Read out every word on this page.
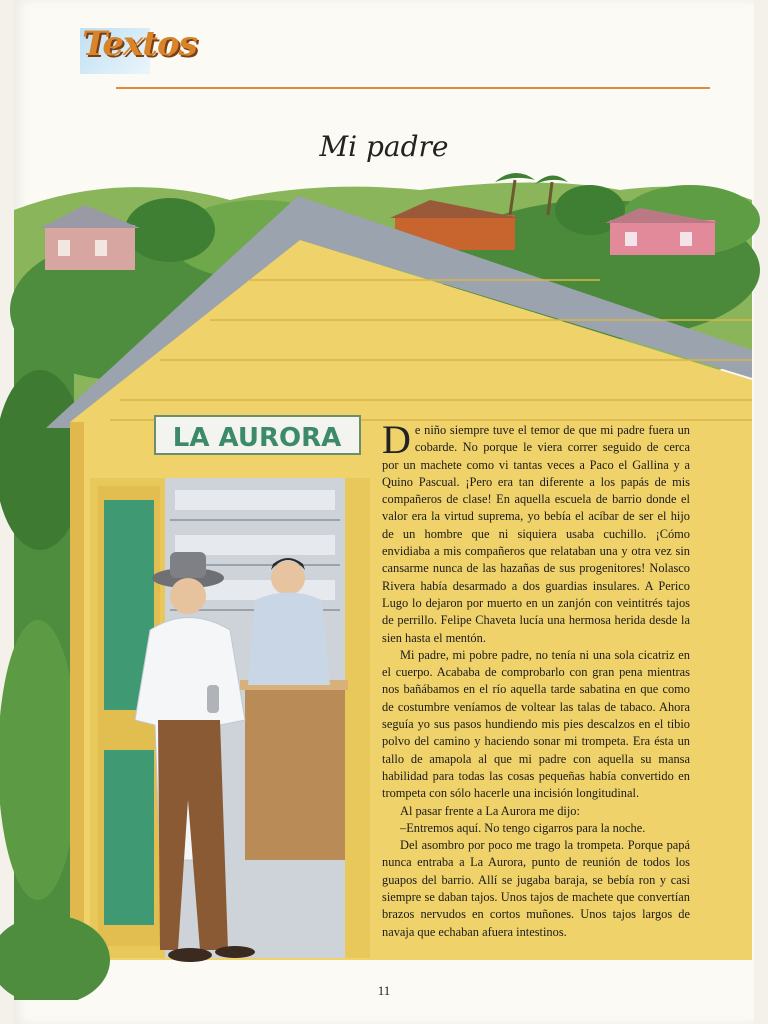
Textos
Mi padre
LA AURORA De niño siempre tuve el temor de que mi padre fuera un cobarde. No porque le viera correr seguido de cerca por un machete como vi tantas veces a Paco el Gallina y a Quino Pascual. ¡Pero era tan diferente a los papás de mis compañeros de clase! En aquella escuela de barrio donde el valor era la virtud suprema, yo bebía el acíbar de ser el hijo de un hombre que ni siquiera usaba cuchillo. ¡Cómo envidiaba a mis compañeros que relataban una y otra vez sin cansarme nunca de las hazañas de sus progenitores! Nolasco Rivera había desarmado a dos guardias insulares. A Perico Lugo lo dejaron por muerto en un zanjón con veintitrés tajos de perrillo. Felipe Chaveta lucía una hermosa herida desde la sien hasta el mentón.

Mi padre, mi pobre padre, no tenía ni una sola cicatriz en el cuerpo. Acababa de comprobarlo con gran pena mientras nos bañábamos en el río aquella tarde sabatina en que como de costumbre veníamos de voltear las talas de tabaco. Ahora seguía yo sus pasos hundiendo mis pies descalzos en el tibio polvo del camino y haciendo sonar mi trompeta. Era ésta un tallo de amapola al que mi padre con aquella su mansa habilidad para todas las cosas pequeñas había convertido en trompeta con sólo hacerle una incisión longitudinal.

Al pasar frente a La Aurora me dijo:

–Entremos aquí. No tengo cigarros para la noche.

Del asombro por poco me trago la trompeta. Porque papá nunca entraba a La Aurora, punto de reunión de todos los guapos del barrio. Allí se jugaba baraja, se bebía ron y casi siempre se daban tajos. Unos tajos de machete que convertían brazos nervudos en cortos muñones. Unos tajos largos de navaja que echaban afuera intestinos.

11
